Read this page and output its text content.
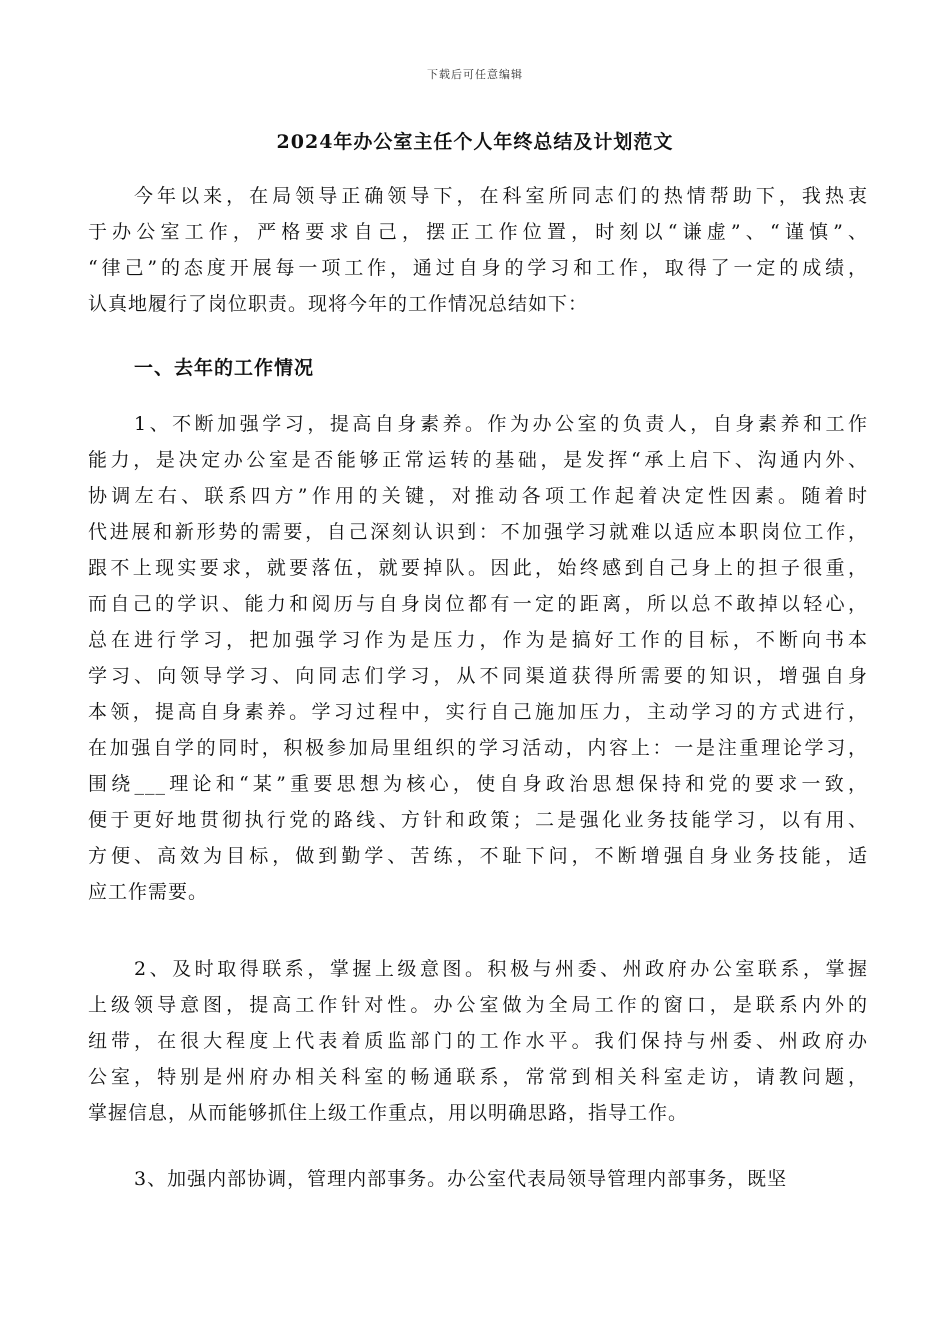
下载后可任意编辑
2024年办公室主任个人年终总结及计划范文
今年以来，在局领导正确领导下，在科室所同志们的热情帮助下，我热衷
于办公室工作，严格要求自己，摆正工作位置，时刻以“谦虚”、“谨慎”、
“律己”的态度开展每一项工作，通过自身的学习和工作，取得了一定的成绩，
认真地履行了岗位职责。现将今年的工作情况总结如下：
一、去年的工作情况
1、不断加强学习，提高自身素养。作为办公室的负责人，自身素养和工作
能力，是决定办公室是否能够正常运转的基础，是发挥“承上启下、沟通内外、
协调左右、联系四方”作用的关键，对推动各项工作起着决定性因素。随着时
代进展和新形势的需要，自己深刻认识到：不加强学习就难以适应本职岗位工作，
跟不上现实要求，就要落伍，就要掉队。因此，始终感到自己身上的担子很重，
而自己的学识、能力和阅历与自身岗位都有一定的距离，所以总不敢掉以轻心，
总在进行学习，把加强学习作为是压力，作为是搞好工作的目标，不断向书本
学习、向领导学习、向同志们学习，从不同渠道获得所需要的知识，增强自身
本领，提高自身素养。学习过程中，实行自己施加压力，主动学习的方式进行，
在加强自学的同时，积极参加局里组织的学习活动，内容上：一是注重理论学习，
围绕___理论和“某”重要思想为核心，使自身政治思想保持和党的要求一致，
便于更好地贯彻执行党的路线、方针和政策；二是强化业务技能学习，以有用、
方便、高效为目标，做到勤学、苦练，不耻下问，不断增强自身业务技能，适
应工作需要。
2、及时取得联系，掌握上级意图。积极与州委、州政府办公室联系，掌握
上级领导意图，提高工作针对性。办公室做为全局工作的窗口，是联系内外的
纽带，在很大程度上代表着质监部门的工作水平。我们保持与州委、州政府办
公室，特别是州府办相关科室的畅通联系，常常到相关科室走访，请教问题，
掌握信息，从而能够抓住上级工作重点，用以明确思路，指导工作。
3、加强内部协调，管理内部事务。办公室代表局领导管理内部事务，既坚
